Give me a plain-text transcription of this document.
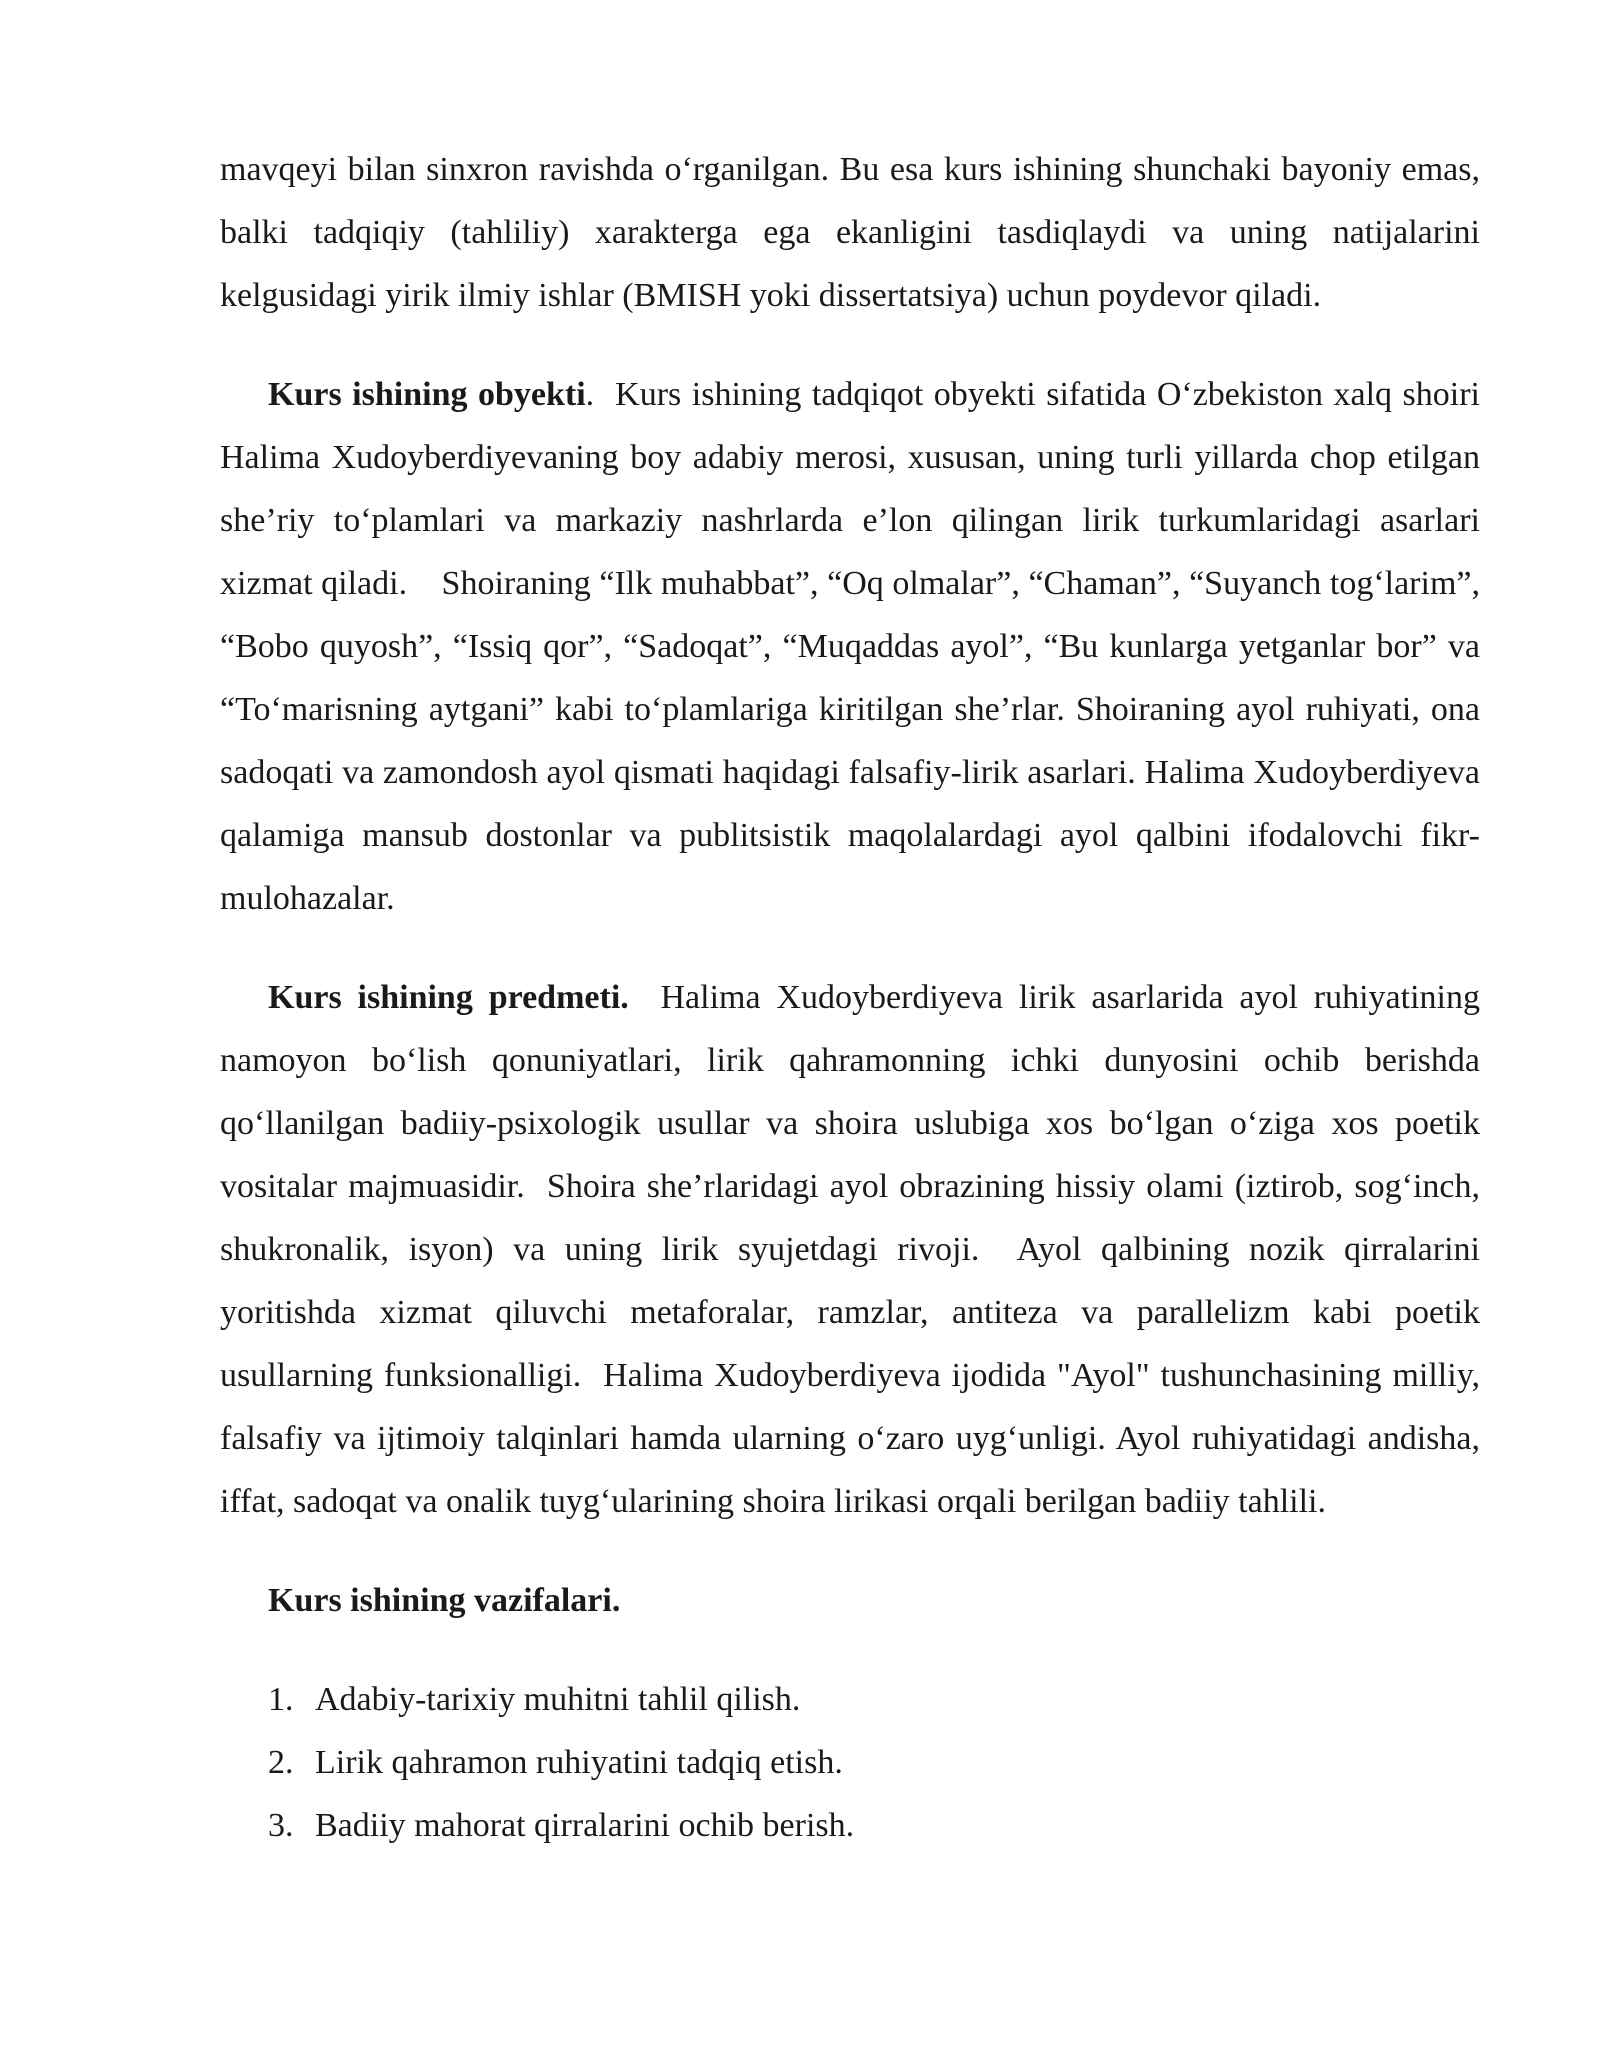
mavqeyi bilan sinxron ravishda o‘rganilgan. Bu esa kurs ishining shunchaki bayoniy emas, balki tadqiqiy (tahliliy) xarakterga ega ekanligini tasdiqlaydi va uning natijalarini kelgusidagi yirik ilmiy ishlar (BMISH yoki dissertatsiya) uchun poydevor qiladi.

Kurs ishining obyekti.  Kurs ishining tadqiqot obyekti sifatida O‘zbekiston xalq shoiri Halima Xudoyberdiyevaning boy adabiy merosi, xususan, uning turli yillarda chop etilgan she’riy to‘plamlari va markaziy nashrlarda e’lon qilingan lirik turkumlaridagi asarlari xizmat qiladi.    Shoiraning “Ilk muhabbat”, “Oq olmalar”, “Chaman”, “Suyanch tog‘larim”, “Bobo quyosh”, “Issiq qor”, “Sadoqat”, “Muqaddas ayol”, “Bu kunlarga yetganlar bor” va “To‘marisning aytgani” kabi to‘plamlariga kiritilgan she’rlar. Shoiraning ayol ruhiyati, ona sadoqati va zamondosh ayol qismati haqidagi falsafiy-lirik asarlari. Halima Xudoyberdiyeva qalamiga mansub dostonlar va publitsistik maqolalardagi ayol qalbini ifodalovchi fikr-mulohazalar.

Kurs ishining predmeti.  Halima Xudoyberdiyeva lirik asarlarida ayol ruhiyatining namoyon bo‘lish qonuniyatlari, lirik qahramonning ichki dunyosini ochib berishda qo‘llanilgan badiiy-psixologik usullar va shoira uslubiga xos bo‘lgan o‘ziga xos poetik vositalar majmuasidir.  Shoira she’rlaridagi ayol obrazining hissiy olami (iztirob, sog‘inch, shukronalik, isyon) va uning lirik syujetdagi rivoji.  Ayol qalbining nozik qirralarini yoritishda xizmat qiluvchi metaforalar, ramzlar, antiteza va parallelizm kabi poetik usullarning funksionalligi.  Halima Xudoyberdiyeva ijodida "Ayol" tushunchasining milliy, falsafiy va ijtimoiy talqinlari hamda ularning o‘zaro uyg‘unligi. Ayol ruhiyatidagi andisha, iffat, sadoqat va onalik tuyg‘ularining shoira lirikasi orqali berilgan badiiy tahlili.

Kurs ishining vazifalari.

1. Adabiy-tarixiy muhitni tahlil qilish.
2. Lirik qahramon ruhiyatini tadqiq etish.
3. Badiiy mahorat qirralarini ochib berish.
